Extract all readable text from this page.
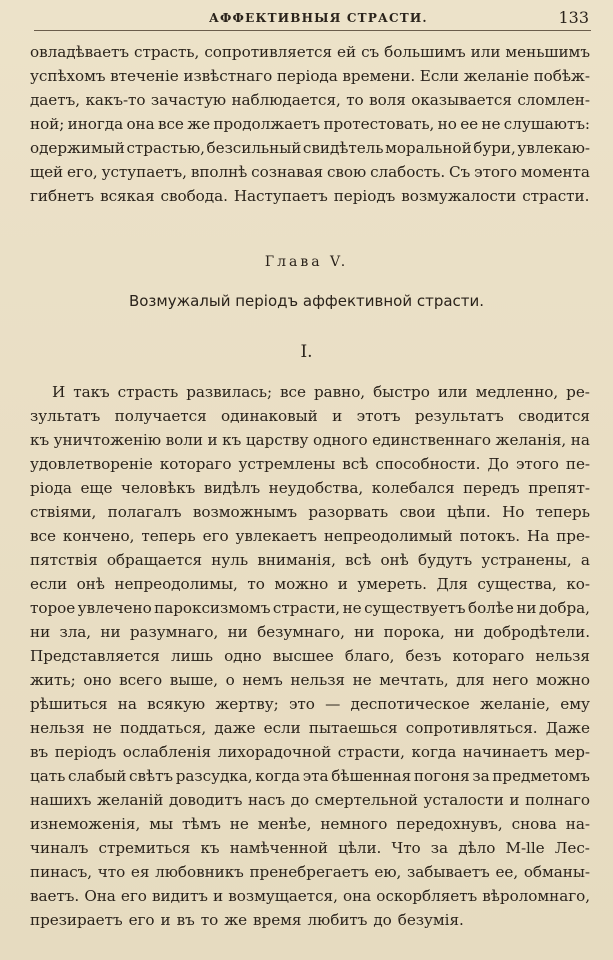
АФФЕКТИВНЫЯ СТРАСТИ.	133
овладѣваетъ страсть, сопротивляется ей съ большимъ или меньшимъ
успѣхомъ втеченіе извѣстнаго періода времени. Если желаніе побѣж-
даетъ, какъ-то зачастую наблюдается, то воля оказывается сломлен-
ной; иногда она все же продолжаетъ протестовать, но ее не слушаютъ:
одержимый страстью, безсильный свидѣтель моральной бури, увлекаю-
щей его, уступаетъ, вполнѣ сознавая свою слабость. Съ этого момента
гибнетъ всякая свобода. Наступаетъ періодъ возмужалости страсти.
Глава V.
Возмужалый періодъ аффективной страсти.
I.
И такъ страсть развилась; все равно, быстро или медленно, ре-
зультатъ получается одинаковый и этотъ результатъ сводится
къ уничтоженію воли и къ царству одного единственнаго желанія, на
удовлетвореніе котораго устремлены всѣ способности. До этого пе-
ріода еще человѣкъ видѣлъ неудобства, колебался передъ препят-
ствіями, полагалъ возможнымъ разорвать свои цѣпи. Но теперь
все кончено, теперь его увлекаетъ непреодолимый потокъ. На пре-
пятствія обращается нуль вниманія, всѣ онѣ будутъ устранены, а
если онѣ непреодолимы, то можно и умереть. Для существа, ко-
торое увлечено пароксизмомъ страсти, не существуетъ болѣе ни добра,
ни зла, ни разумнаго, ни безумнаго, ни порока, ни добродѣтели.
Представляется лишь одно высшее благо, безъ котораго нельзя
жить; оно всего выше, о немъ нельзя не мечтать, для него можно
рѣшиться на всякую жертву; это — деспотическое желаніе, ему
нельзя не поддаться, даже если пытаешься сопротивляться. Даже
въ періодъ ослабленія лихорадочной страсти, когда начинаетъ мер-
цать слабый свѣтъ разсудка, когда эта бѣшенная погоня за предметомъ
нашихъ желаній доводитъ насъ до смертельной усталости и полнаго
изнеможенія, мы тѣмъ не менѣе, немного передохнувъ, снова на-
чиналъ стремиться къ намѣченной цѣли. Что за дѣло M-lle Лес-
пинасъ, что ея любовникъ пренебрегаетъ ею, забываетъ ее, обманы-
ваетъ. Она его видитъ и возмущается, она оскорбляетъ вѣроломнаго,
презираетъ его и въ то же время любитъ до безумія.
